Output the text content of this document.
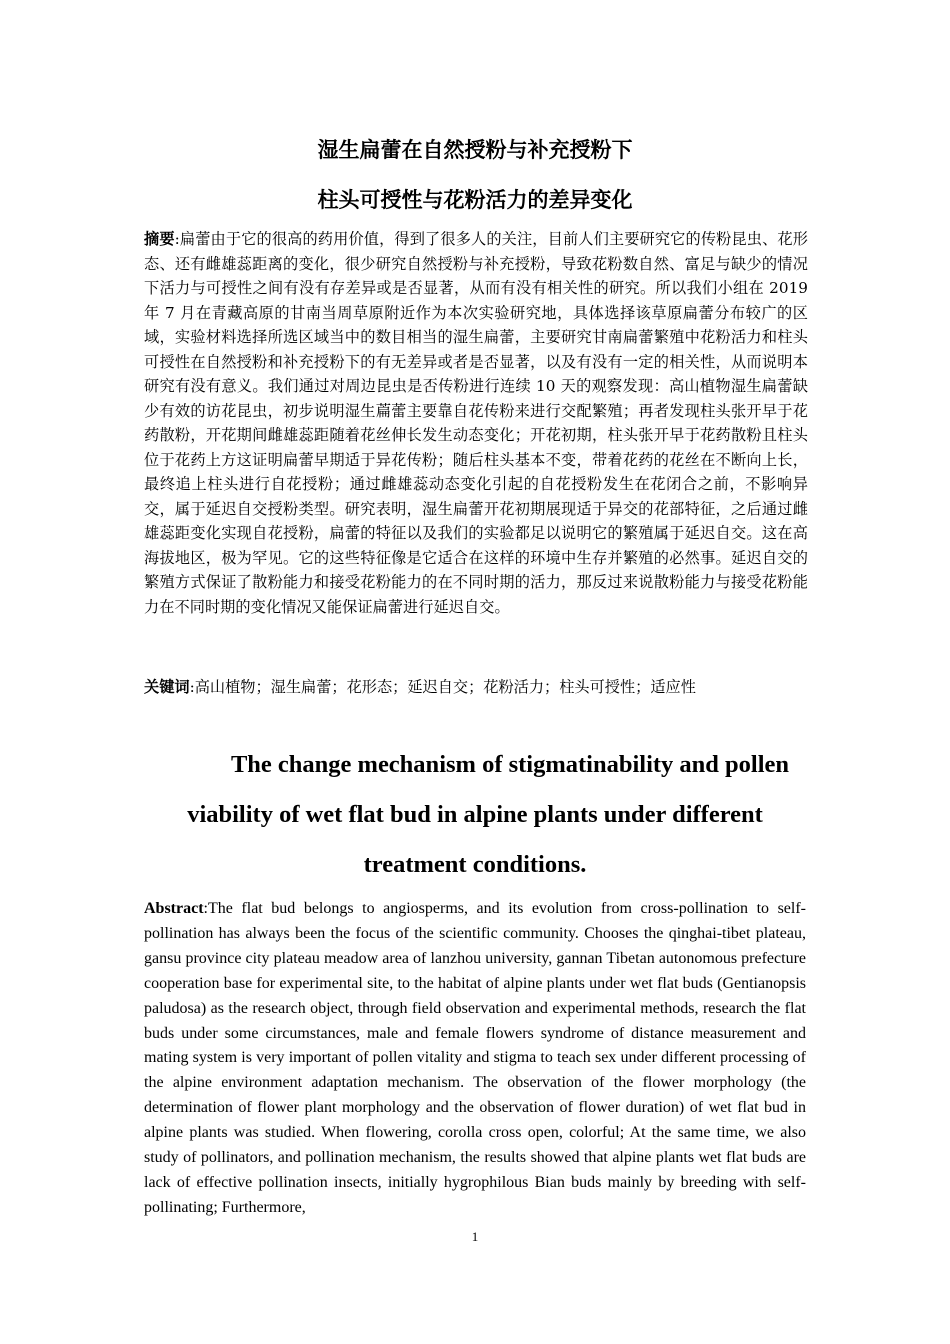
湿生扁蕾在自然授粉与补充授粉下
柱头可授性与花粉活力的差异变化

摘要:扁蕾由于它的很高的药用价值，得到了很多人的关注，目前人们主要研究它的传粉昆虫、花形态、还有雌雄蕊距离的变化，很少研究自然授粉与补充授粉，导致花粉数自然、富足与缺少的情况下活力与可授性之间有没有存差异或是否显著，从而有没有相关性的研究。所以我们小组在 2019 年 7 月在青藏高原的甘南当周草原附近作为本次实验研究地，具体选择该草原扁蕾分布较广的区域，实验材料选择所选区域当中的数目相当的湿生扁蕾，主要研究甘南扁蕾繁殖中花粉活力和柱头可授性在自然授粉和补充授粉下的有无差异或者是否显著，以及有没有一定的相关性，从而说明本研究有没有意义。我们通过对周边昆虫是否传粉进行连续 10 天的观察发现：高山植物湿生扁蕾缺少有效的访花昆虫，初步说明湿生萹蕾主要靠自花传粉来进行交配繁殖；再者发现柱头张开早于花药散粉，开花期间雌雄蕊距随着花丝伸长发生动态变化；开花初期，柱头张开早于花药散粉且柱头位于花药上方这证明扁蕾早期适于异花传粉；随后柱头基本不变，带着花药的花丝在不断向上长，最终追上柱头进行自花授粉；通过雌雄蕊动态变化引起的自花授粉发生在花闭合之前，不影响异交，属于延迟自交授粉类型。研究表明，湿生扁蕾开花初期展现适于异交的花部特征，之后通过雌雄蕊距变化实现自花授粉，扁蕾的特征以及我们的实验都足以说明它的繁殖属于延迟自交。这在高海拔地区，极为罕见。它的这些特征像是它适合在这样的环境中生存并繁殖的必然事。延迟自交的繁殖方式保证了散粉能力和接受花粉能力的在不同时期的活力，那反过来说散粉能力与接受花粉能力在不同时期的变化情况又能保证扁蕾进行延迟自交。

关键词:高山植物；湿生扁蕾；花形态；延迟自交；花粉活力；柱头可授性；适应性
The change mechanism of stigmatinability and pollen
viability of wet flat bud in alpine plants under different
treatment conditions.
Abstract:The flat bud belongs to angiosperms, and its evolution from cross-pollination to self-pollination has always been the focus of the scientific community. Chooses the qinghai-tibet plateau, gansu province city plateau meadow area of lanzhou university, gannan Tibetan autonomous prefecture cooperation base for experimental site, to the habitat of alpine plants under wet flat buds (Gentianopsis paludosa) as the research object, through field observation and experimental methods, research the flat buds under some circumstances, male and female flowers syndrome of distance measurement and mating system is very important of pollen vitality and stigma to teach sex under different processing of the alpine environment adaptation mechanism. The observation of the flower morphology (the determination of flower plant morphology and the observation of flower duration) of wet flat bud in alpine plants was studied. When flowering, corolla cross open, colorful; At the same time, we also study of pollinators, and pollination mechanism, the results showed that alpine plants wet flat buds are lack of effective pollination insects, initially hygrophilous Bian buds mainly by breeding with self-pollinating; Furthermore,
1
